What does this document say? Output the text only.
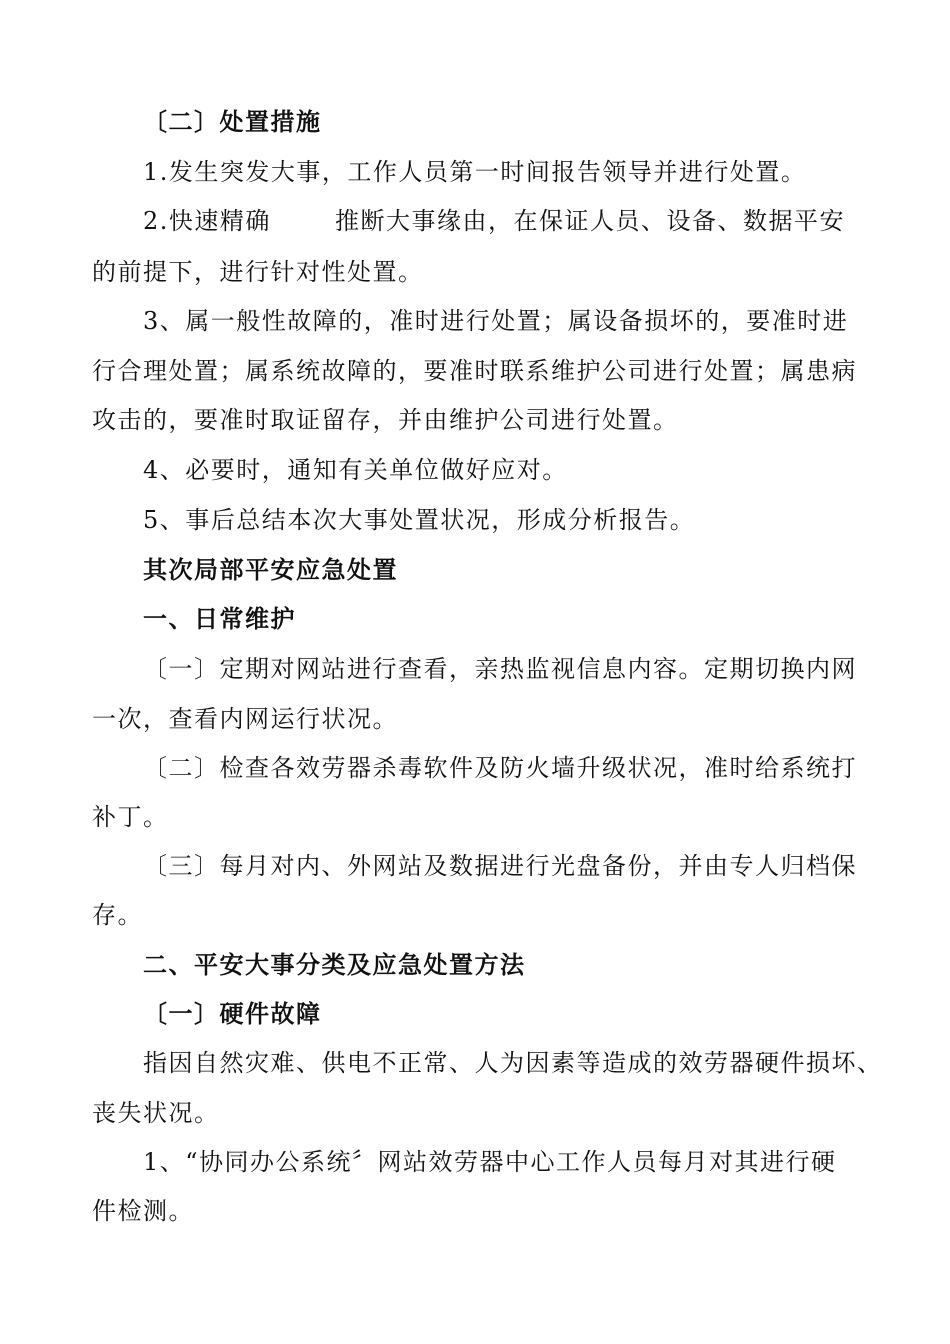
〔二〕处置措施
1.发生突发大事，工作人员第一时间报告领导并进行处置。
2.快速精确	推断大事缘由，在保证人员、设备、数据平安
的前提下，进行针对性处置。
3、属一般性故障的，准时进行处置；属设备损坏的，要准时进
行合理处置；属系统故障的，要准时联系维护公司进行处置；属患病
攻击的，要准时取证留存，并由维护公司进行处置。
4、必要时，通知有关单位做好应对。
5、事后总结本次大事处置状况，形成分析报告。
其次局部平安应急处置
一、日常维护
〔一〕定期对网站进行查看，亲热监视信息内容。定期切换内网
一次，查看内网运行状况。
〔二〕检查各效劳器杀毒软件及防火墙升级状况，准时给系统打
补丁。
〔三〕每月对内、外网站及数据进行光盘备份，并由专人归档保
存。
二、平安大事分类及应急处置方法
〔一〕硬件故障
指因自然灾难、供电不正常、人为因素等造成的效劳器硬件损坏、
丧失状况。
1、“协同办公系统〞网站效劳器中心工作人员每月对其进行硬
件检测。
